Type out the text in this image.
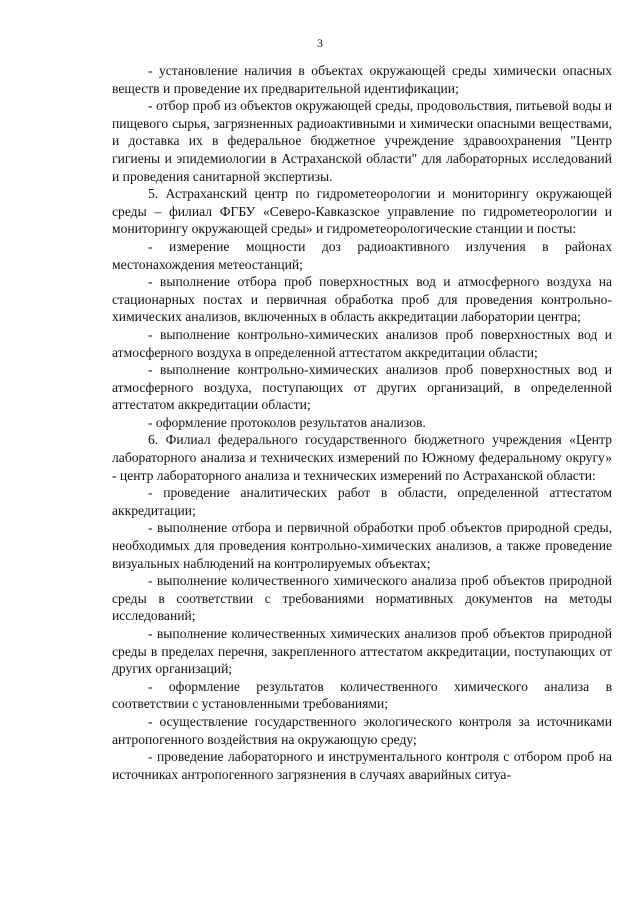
3

- установление наличия в объектах окружающей среды химически опасных веществ и проведение их предварительной идентификации;

- отбор проб из объектов окружающей среды, продовольствия, питьевой воды и пищевого сырья, загрязненных радиоактивными и химически опасными веществами, и доставка их в федеральное бюджетное учреждение здравоохранения "Центр гигиены и эпидемиологии в Астраханской области" для лабораторных исследований и проведения санитарной экспертизы.

5. Астраханский центр по гидрометеорологии и мониторингу окружающей среды – филиал ФГБУ «Северо-Кавказское управление по гидрометеорологии и мониторингу окружающей среды» и гидрометеорологические станции и посты:

- измерение мощности доз радиоактивного излучения в районах местонахождения метеостанций;

- выполнение отбора проб поверхностных вод и атмосферного воздуха на стационарных постах и первичная обработка проб для проведения контрольно-химических анализов, включенных в область аккредитации лаборатории центра;

- выполнение контрольно-химических анализов проб поверхностных вод и атмосферного воздуха в определенной аттестатом аккредитации области;

- выполнение контрольно-химических анализов проб поверхностных вод и атмосферного воздуха, поступающих от других организаций, в определенной аттестатом аккредитации области;

- оформление протоколов результатов анализов.

6. Филиал федерального государственного бюджетного учреждения «Центр лабораторного анализа и технических измерений по Южному федеральному округу» - центр лабораторного анализа и технических измерений по Астраханской области:

- проведение аналитических работ в области, определенной аттестатом аккредитации;

- выполнение отбора и первичной обработки проб объектов природной среды, необходимых для проведения контрольно-химических анализов, а также проведение визуальных наблюдений на контролируемых объектах;

- выполнение количественного химического анализа проб объектов природной среды в соответствии с требованиями нормативных документов на методы исследований;

- выполнение количественных химических анализов проб объектов природной среды в пределах перечня, закрепленного аттестатом аккредитации, поступающих от других организаций;

- оформление результатов количественного химического анализа в соответствии с установленными требованиями;

- осуществление государственного экологического контроля за источниками антропогенного воздействия на окружающую среду;

- проведение лабораторного и инструментального контроля с отбором проб на источниках антропогенного загрязнения в случаях аварийных ситуа-
